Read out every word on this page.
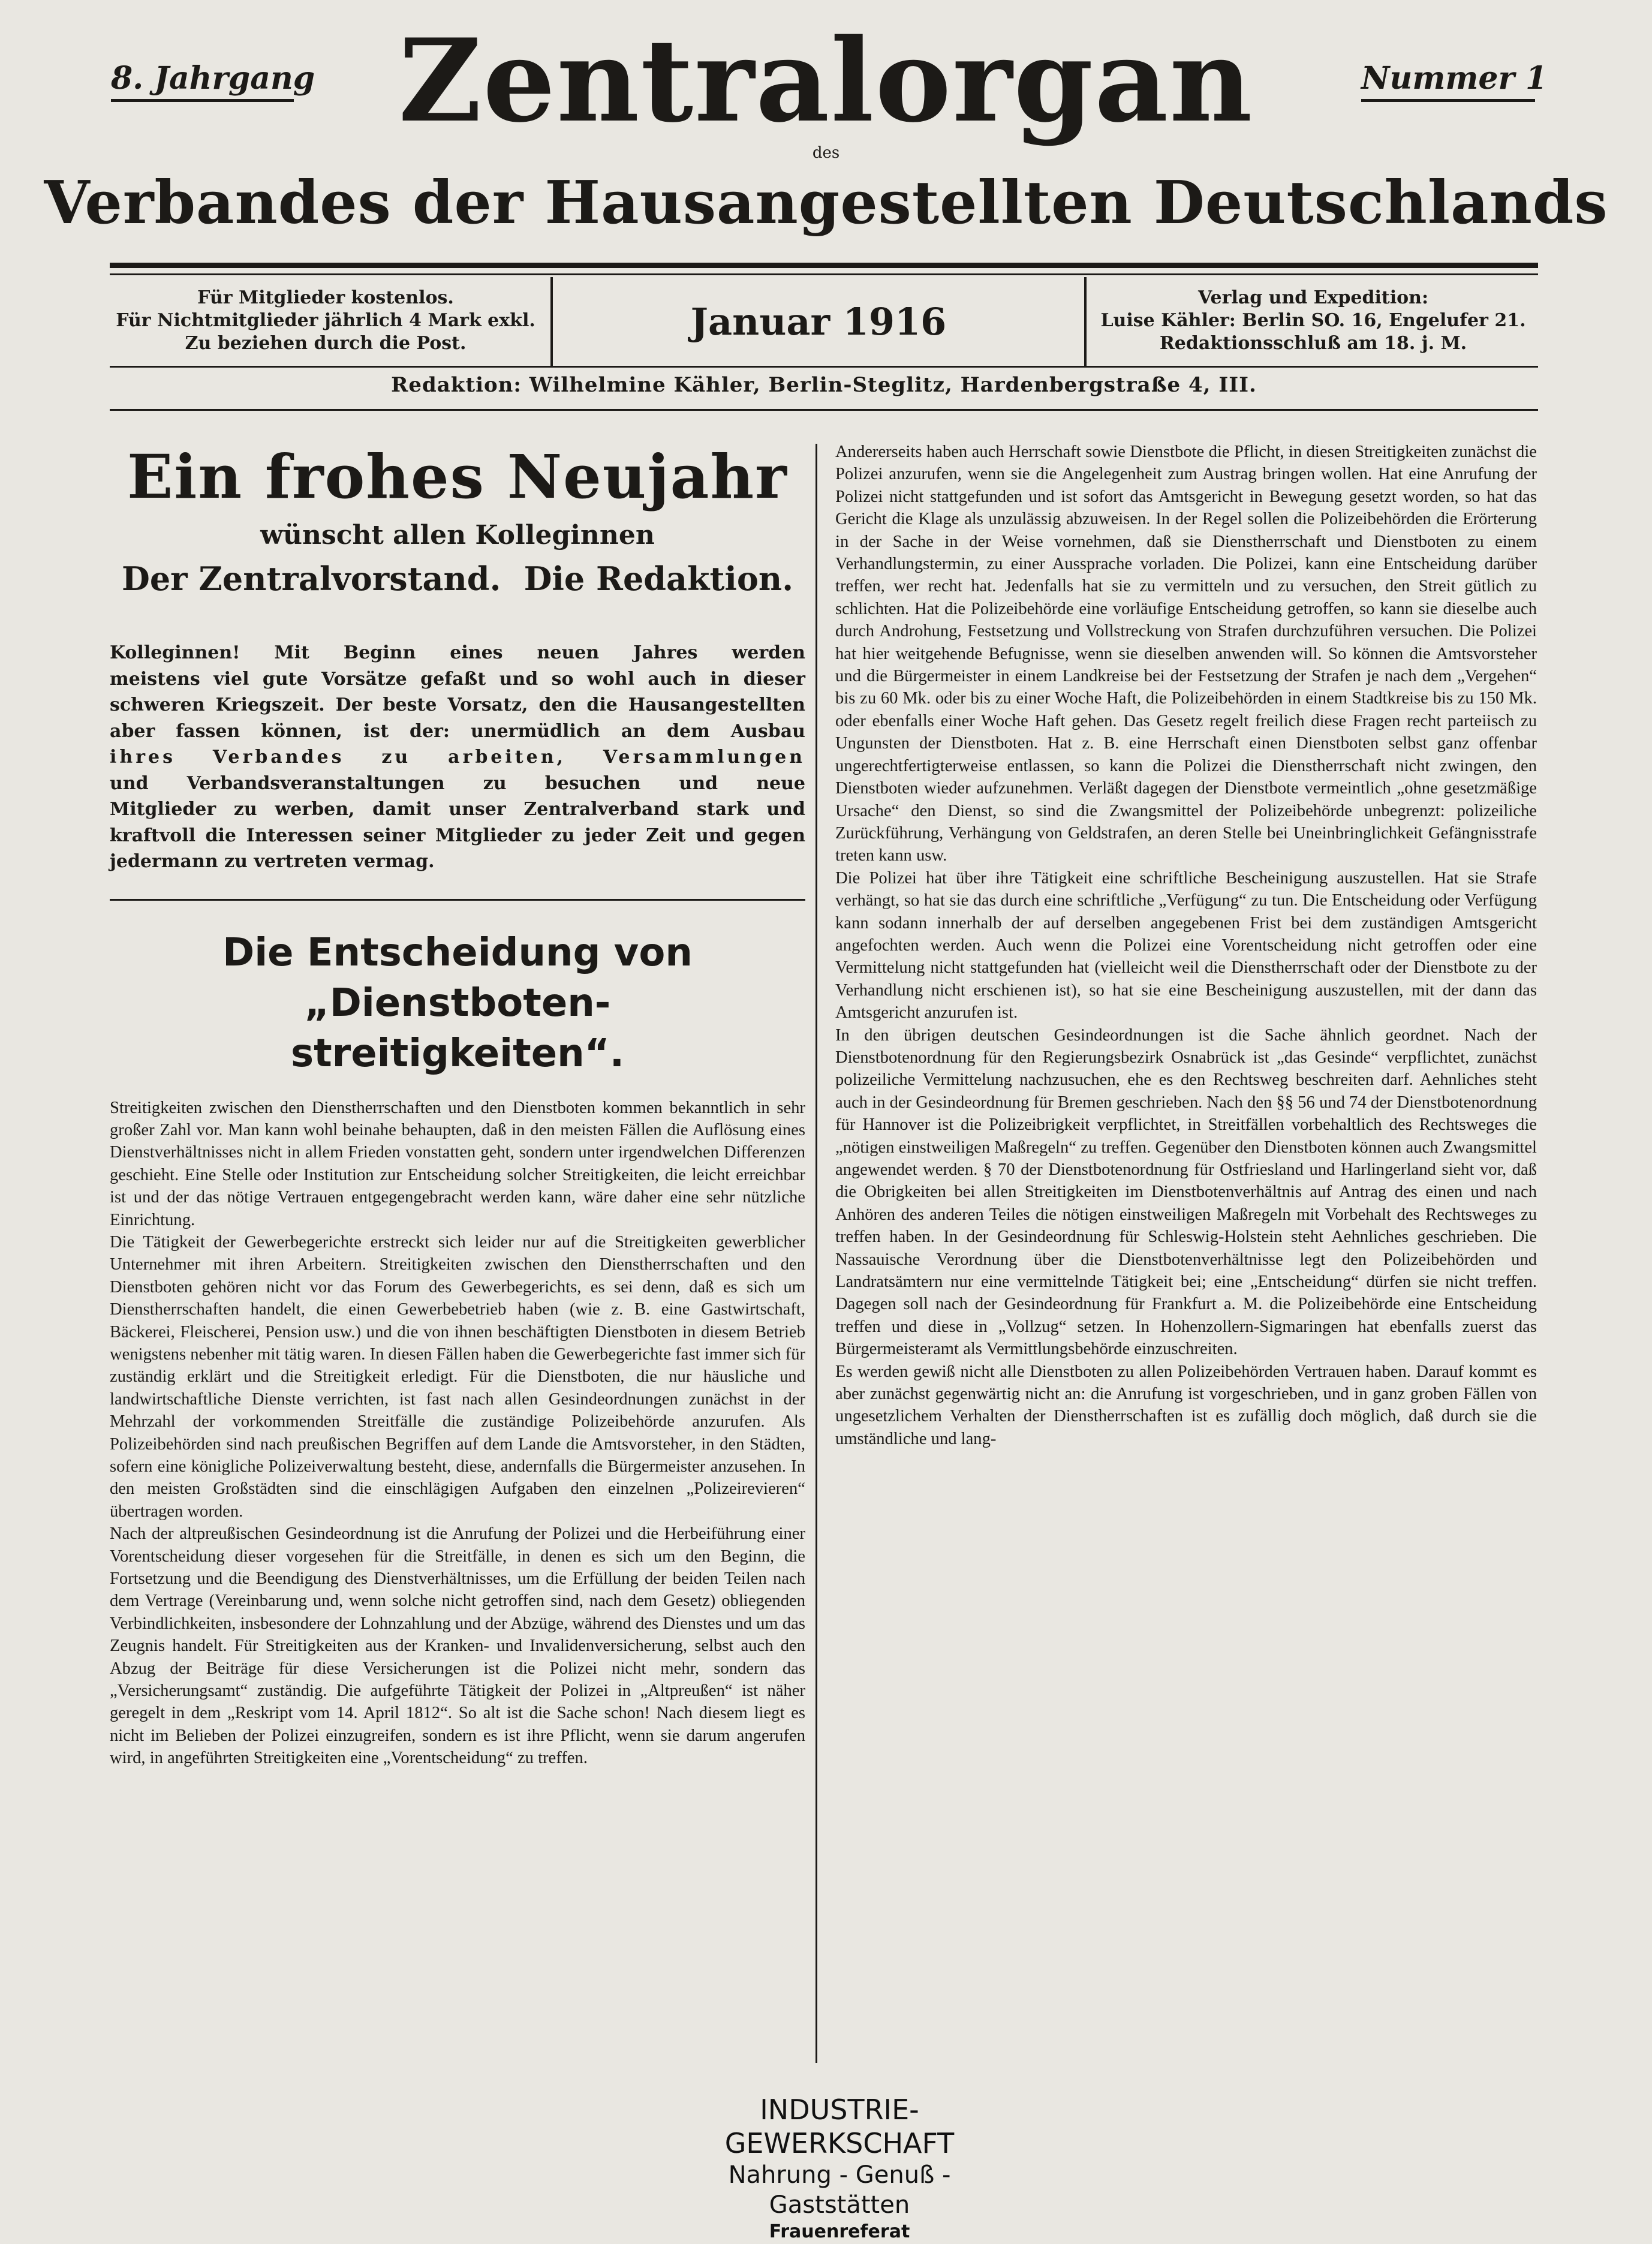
8. Jahrgang	Nummer 1
Zentralorgan
des
Verbandes der Hausangestellten Deutschlands
Für Mitglieder kostenlos.
Für Nichtmitglieder jährlich 4 Mark exkl.
Zu beziehen durch die Post.	Januar 1916
Verlag und Expedition:
Luise Kähler: Berlin SO. 16, Engelufer 21.
Redaktionsschluß am 18. j. M.
Redaktion: Wilhelmine Kähler, Berlin-Steglitz, Hardenbergstraße 4, III.
Ein frohes Neujahr
wünscht allen Kolleginnen
Der Zentralvorstand. Die Redaktion.
Kolleginnen! Mit Beginn eines neuen Jahres werden
meistens viel gute Vorsätze gefaßt und so wohl auch in dieser
schweren Kriegszeit. Der beste Vorsatz, den die Hausangestellten
aber fassen können, ist der: unermüdlich an dem Ausbau
ihres Verbandes zu arbeiten, Versammlungen
und Verbandsveranstaltungen zu besuchen und neue
Mitglieder zu werben, damit unser Zentralverband stark und
kraftvoll die Interessen seiner Mitglieder zu jeder Zeit und gegen
jedermann zu vertreten vermag.
Die Entscheidung von „Dienstboten-
streitigkeiten“.

Streitigkeiten zwischen den Dienstherrschaften und den Dienstboten kommen bekanntlich in sehr großer Zahl vor. Man kann wohl beinahe behaupten, daß in den meisten Fällen die Auflösung eines Dienstverhältnisses nicht in allem Frieden vonstatten geht, sondern unter irgendwelchen Differenzen geschieht. Eine Stelle oder Institution zur Entscheidung solcher Streitigkeiten, die leicht erreichbar ist und der das nötige Vertrauen entgegengebracht werden kann, wäre daher eine sehr nützliche Einrichtung.

Die Tätigkeit der Gewerbegerichte erstreckt sich leider nur auf die Streitigkeiten gewerblicher Unternehmer mit ihren Arbeitern. Streitigkeiten zwischen den Dienstherrschaften und den Dienstboten gehören nicht vor das Forum des Gewerbegerichts, es sei denn, daß es sich um Dienstherrschaften handelt, die einen Gewerbebetrieb haben (wie z. B. eine Gastwirtschaft, Bäckerei, Fleischerei, Pension usw.) und die von ihnen beschäftigten Dienstboten in diesem Betrieb wenigstens nebenher mit tätig waren. In diesen Fällen haben die Gewerbegerichte fast immer sich für zuständig erklärt und die Streitigkeit erledigt. Für die Dienstboten, die nur häusliche und landwirtschaftliche Dienste verrichten, ist fast nach allen Gesindeordnungen zunächst in der Mehrzahl der vorkommenden Streitfälle die zuständige Polizeibehörde anzurufen. Als Polizeibehörden sind nach preußischen Begriffen auf dem Lande die Amtsvorsteher, in den Städten, sofern eine königliche Polizeiverwaltung besteht, diese, andernfalls die Bürgermeister anzusehen. In den meisten Großstädten sind die einschlägigen Aufgaben den einzelnen „Polizeirevieren“ übertragen worden.

Nach der altpreußischen Gesindeordnung ist die Anrufung der Polizei und die Herbeiführung einer Vorentscheidung dieser vorgesehen für die Streitfälle, in denen es sich um den Beginn, die Fortsetzung und die Beendigung des Dienstverhältnisses, um die Erfüllung der beiden Teilen nach dem Vertrage (Vereinbarung und, wenn solche nicht getroffen sind, nach dem Gesetz) obliegenden Verbindlichkeiten, insbesondere der Lohnzahlung und der Abzüge, während des Dienstes und um das Zeugnis handelt. Für Streitigkeiten aus der Kranken- und Invalidenversicherung, selbst auch den Abzug der Beiträge für diese Versicherungen ist die Polizei nicht mehr, sondern das „Versicherungsamt“ zuständig. Die aufgeführte Tätigkeit der Polizei in „Altpreußen“ ist näher geregelt in dem „Reskript vom 14. April 1812“. So alt ist die Sache schon! Nach diesem liegt es nicht im Belieben der Polizei einzugreifen, sondern es ist ihre Pflicht, wenn sie darum angerufen wird, in angeführten Streitigkeiten eine „Vorentscheidung“ zu treffen.

Andererseits haben auch Herrschaft sowie Dienstbote die Pflicht, in diesen Streitigkeiten zunächst die Polizei anzurufen, wenn sie die Angelegenheit zum Austrag bringen wollen. Hat eine Anrufung der Polizei nicht stattgefunden und ist sofort das Amtsgericht in Bewegung gesetzt worden, so hat das Gericht die Klage als unzulässig abzuweisen. In der Regel sollen die Polizeibehörden die Erörterung in der Sache in der Weise vornehmen, daß sie Dienstherrschaft und Dienstboten zu einem Verhandlungstermin, zu einer Aussprache vorladen. Die Polizei, kann eine Entscheidung darüber treffen, wer recht hat. Jedenfalls hat sie zu vermitteln und zu versuchen, den Streit gütlich zu schlichten. Hat die Polizeibehörde eine vorläufige Entscheidung getroffen, so kann sie dieselbe auch durch Androhung, Festsetzung und Vollstreckung von Strafen durchzuführen versuchen. Die Polizei hat hier weitgehende Befugnisse, wenn sie dieselben anwenden will. So können die Amtsvorsteher und die Bürgermeister in einem Landkreise bei der Festsetzung der Strafen je nach dem „Vergehen“ bis zu 60 Mk. oder bis zu einer Woche Haft, die Polizeibehörden in einem Stadtkreise bis zu 150 Mk. oder ebenfalls einer Woche Haft gehen. Das Gesetz regelt freilich diese Fragen recht parteiisch zu Ungunsten der Dienstboten. Hat z. B. eine Herrschaft einen Dienstboten selbst ganz offenbar ungerechtfertigterweise entlassen, so kann die Polizei die Dienstherrschaft nicht zwingen, den Dienstboten wieder aufzunehmen. Verläßt dagegen der Dienstbote vermeintlich „ohne gesetzmäßige Ursache“ den Dienst, so sind die Zwangsmittel der Polizeibehörde unbegrenzt: polizeiliche Zurückführung, Verhängung von Geldstrafen, an deren Stelle bei Uneinbringlichkeit Gefängnisstrafe treten kann usw.

Die Polizei hat über ihre Tätigkeit eine schriftliche Bescheinigung auszustellen. Hat sie Strafe verhängt, so hat sie das durch eine schriftliche „Verfügung“ zu tun. Die Entscheidung oder Verfügung kann sodann innerhalb der auf derselben angegebenen Frist bei dem zuständigen Amtsgericht angefochten werden. Auch wenn die Polizei eine Vorentscheidung nicht getroffen oder eine Vermittelung nicht stattgefunden hat (vielleicht weil die Dienstherrschaft oder der Dienstbote zu der Verhandlung nicht erschienen ist), so hat sie eine Bescheinigung auszustellen, mit der dann das Amtsgericht anzurufen ist.

In den übrigen deutschen Gesindeordnungen ist die Sache ähnlich geordnet. Nach der Dienstbotenordnung für den Regierungsbezirk Osnabrück ist „das Gesinde“ verpflichtet, zunächst polizeiliche Vermittelung nachzusuchen, ehe es den Rechtsweg beschreiten darf. Aehnliches steht auch in der Gesindeordnung für Bremen geschrieben. Nach den §§ 56 und 74 der Dienstbotenordnung für Hannover ist die Polizeibrigkeit verpflichtet, in Streitfällen vorbehaltlich des Rechtsweges die „nötigen einstweiligen Maßregeln“ zu treffen. Gegenüber den Dienstboten können auch Zwangsmittel angewendet werden. § 70 der Dienstbotenordnung für Ostfriesland und Harlingerland sieht vor, daß die Obrigkeiten bei allen Streitigkeiten im Dienstbotenverhältnis auf Antrag des einen und nach Anhören des anderen Teiles die nötigen einstweiligen Maßregeln mit Vorbehalt des Rechtsweges zu treffen haben. In der Gesindeordnung für Schleswig-Holstein steht Aehnliches geschrieben. Die Nassauische Verordnung über die Dienstbotenverhältnisse legt den Polizeibehörden und Landratsämtern nur eine vermittelnde Tätigkeit bei; eine „Entscheidung“ dürfen sie nicht treffen. Dagegen soll nach der Gesindeordnung für Frankfurt a. M. die Polizeibehörde eine Entscheidung treffen und diese in „Vollzug“ setzen. In Hohenzollern-Sigmaringen hat ebenfalls zuerst das Bürgermeisteramt als Vermittlungsbehörde einzuschreiten.

Es werden gewiß nicht alle Dienstboten zu allen Polizeibehörden Vertrauen haben. Darauf kommt es aber zunächst gegenwärtig nicht an: die Anrufung ist vorgeschrieben, und in ganz groben Fällen von ungesetzlichem Verhalten der Dienstherrschaften ist es zufällig doch möglich, daß durch sie die umständliche und lang-

INDUSTRIE-GEWERKSCHAFT
Nahrung - Genuß - Gaststätten
Frauenreferat
